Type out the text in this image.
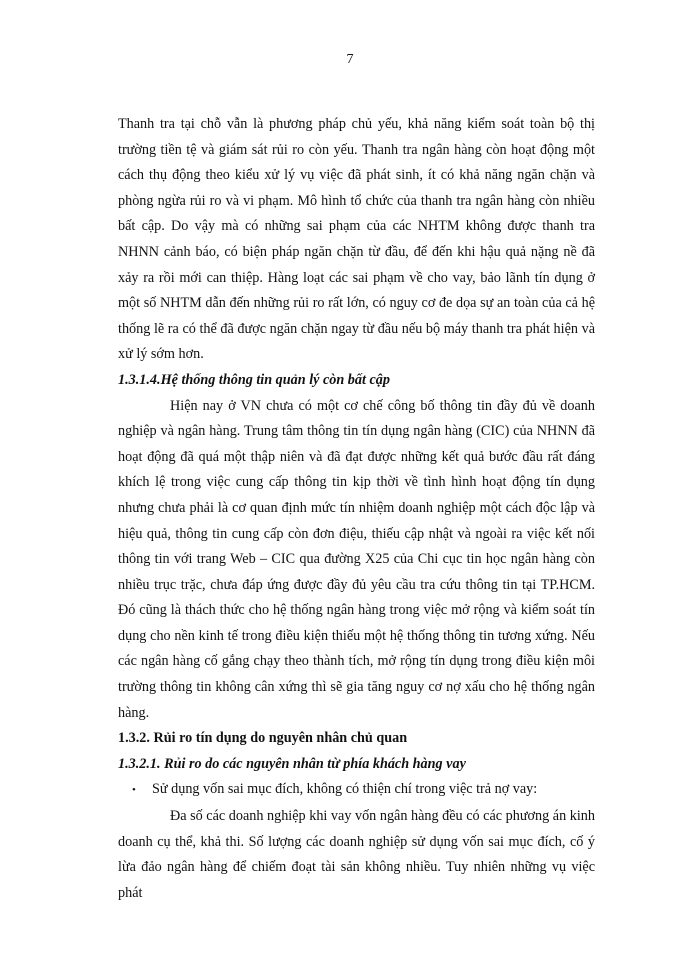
7

Thanh tra tại chỗ vẫn là phương pháp chủ yếu, khả năng kiểm soát toàn bộ thị trường tiền tệ và giám sát rủi ro còn yếu. Thanh tra ngân hàng còn hoạt động một cách thụ động theo kiểu xử lý vụ việc đã phát sinh, ít có khả năng ngăn chặn và phòng ngừa rủi ro và vi phạm. Mô hình tổ chức của thanh tra ngân hàng còn nhiều bất cập. Do vậy mà có những sai phạm của các NHTM không được thanh tra NHNN cảnh báo, có biện pháp ngăn chặn từ đầu, để đến khi hậu quả nặng nề đã xảy ra rồi mới can thiệp. Hàng loạt các sai phạm về cho vay, bảo lãnh tín dụng ở một số NHTM dẫn đến những rủi ro rất lớn, có nguy cơ đe dọa sự an toàn của cả hệ thống lẽ ra có thể đã được ngăn chặn ngay từ đầu nếu bộ máy thanh tra phát hiện và xử lý sớm hơn.

1.3.1.4.Hệ thống thông tin quản lý còn bất cập

Hiện nay ở VN chưa có một cơ chế công bố thông tin đầy đủ về doanh nghiệp và ngân hàng. Trung tâm thông tin tín dụng ngân hàng (CIC) của NHNN đã hoạt động đã quá một thập niên và đã đạt được những kết quả bước đầu rất đáng khích lệ trong việc cung cấp thông tin kịp thời về tình hình hoạt động tín dụng nhưng chưa phải là cơ quan định mức tín nhiệm doanh nghiệp một cách độc lập và hiệu quả, thông tin cung cấp còn đơn điệu, thiếu cập nhật và ngoài ra việc kết nối thông tin với trang Web – CIC qua đường X25 của Chi cục tin học ngân hàng còn nhiều trục trặc, chưa đáp ứng được đầy đủ yêu cầu tra cứu thông tin tại TP.HCM. Đó cũng là thách thức cho hệ thống ngân hàng trong việc mở rộng và kiểm soát tín dụng cho nền kinh tế trong điều kiện thiếu một hệ thống thông tin tương xứng. Nếu các ngân hàng cố gắng chạy theo thành tích, mở rộng tín dụng trong điều kiện môi trường thông tin không cân xứng thì sẽ gia tăng nguy cơ nợ xấu cho hệ thống ngân hàng.

1.3.2. Rủi ro tín dụng do nguyên nhân chủ quan

1.3.2.1. Rủi ro do các nguyên nhân từ phía khách hàng vay

•	Sử dụng vốn sai mục đích, không có thiện chí trong việc trả nợ vay:

Đa số các doanh nghiệp khi vay vốn ngân hàng đều có các phương án kinh doanh cụ thể, khả thi. Số lượng các doanh nghiệp sử dụng vốn sai mục đích, cố ý lừa đảo ngân hàng để chiếm đoạt tài sản không nhiều. Tuy nhiên những vụ việc phát
